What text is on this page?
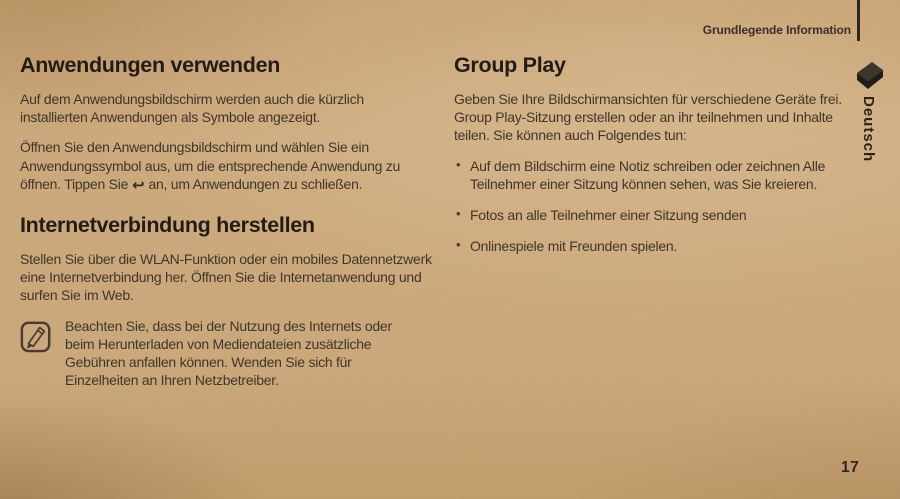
Grundlegende Information
Deutsch
Anwendungen verwenden

Auf dem Anwendungsbildschirm werden auch die kürzlich installierten Anwendungen als Symbole angezeigt.

Öffnen Sie den Anwendungsbildschirm und wählen Sie ein Anwendungssymbol aus, um die entsprechende Anwendung zu öffnen. Tippen Sie ↩ an, um Anwendungen zu schließen.

Internetverbindung herstellen

Stellen Sie über die WLAN-Funktion oder ein mobiles Datennetzwerk eine Internetverbindung her. Öffnen Sie die Internetanwendung und surfen Sie im Web.

Beachten Sie, dass bei der Nutzung des Internets oder beim Herunterladen von Mediendateien zusätzliche Gebühren anfallen können. Wenden Sie sich für Einzelheiten an Ihren Netzbetreiber.

Group Play

Geben Sie Ihre Bildschirmansichten für verschiedene Geräte frei. Group Play-Sitzung erstellen oder an ihr teilnehmen und Inhalte teilen. Sie können auch Folgendes tun:

• Auf dem Bildschirm eine Notiz schreiben oder zeichnen Alle Teilnehmer einer Sitzung können sehen, was Sie kreieren.
• Fotos an alle Teilnehmer einer Sitzung senden
• Onlinespiele mit Freunden spielen.
17
